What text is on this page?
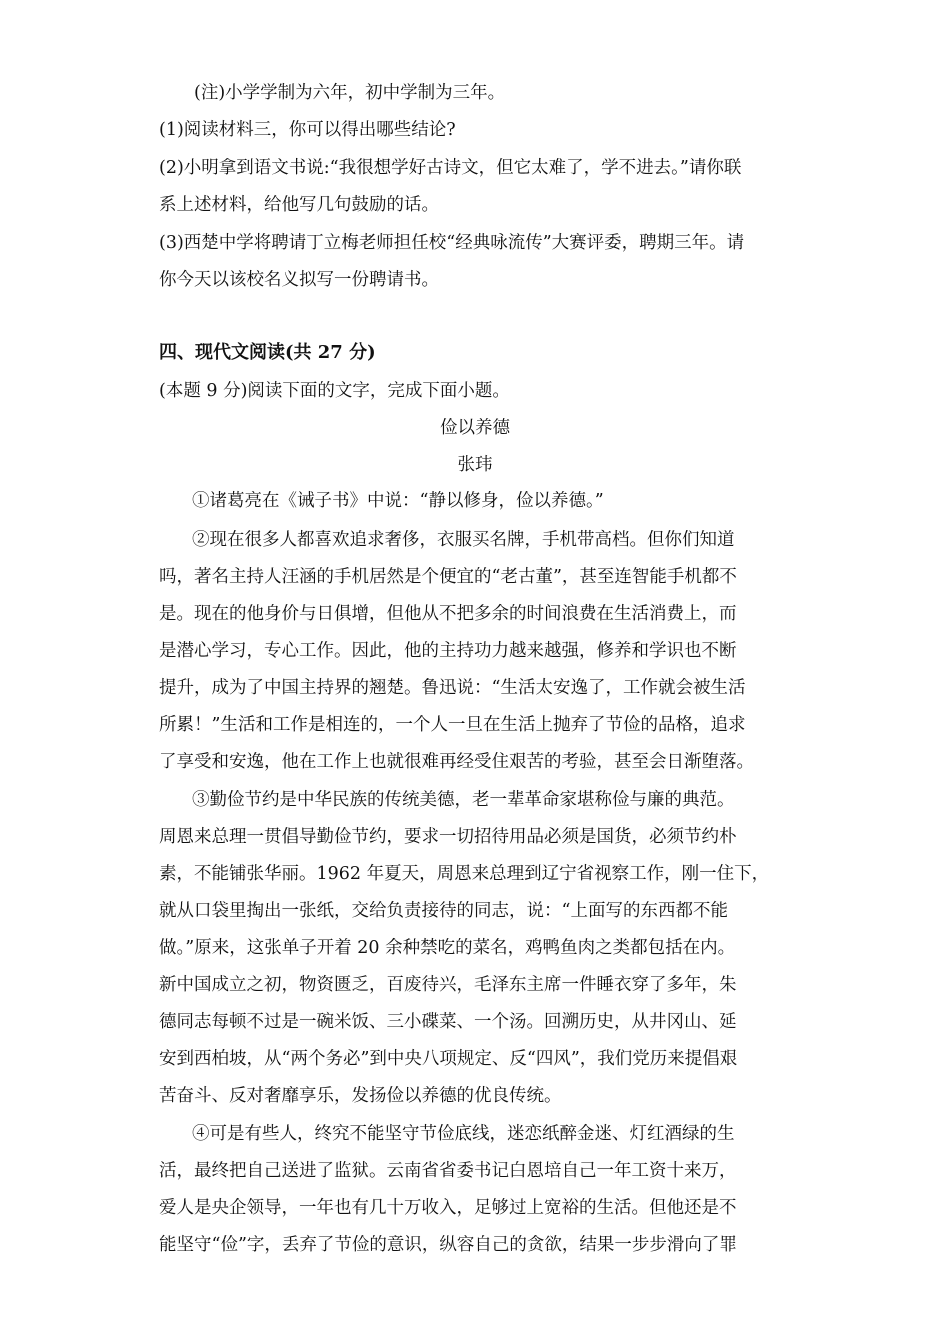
(注)小学学制为六年，初中学制为三年。
(1)阅读材料三，你可以得出哪些结论?
(2)小明拿到语文书说:“我很想学好古诗文，但它太难了，学不进去。”请你联
系上述材料，给他写几句鼓励的话。
(3)西楚中学将聘请丁立梅老师担任校“经典咏流传”大赛评委，聘期三年。请
你今天以该校名义拟写一份聘请书。
四、现代文阅读(共 27 分)
(本题 9 分)阅读下面的文字，完成下面小题。
俭以养德
张玮
①诸葛亮在《诫子书》中说：“静以修身，俭以养德。”
②现在很多人都喜欢追求奢侈，衣服买名牌，手机带高档。但你们知道
吗，著名主持人汪涵的手机居然是个便宜的“老古董”，甚至连智能手机都不
是。现在的他身价与日俱增，但他从不把多余的时间浪费在生活消费上，而
是潜心学习，专心工作。因此，他的主持功力越来越强，修养和学识也不断
提升，成为了中国主持界的翘楚。鲁迅说：“生活太安逸了，工作就会被生活
所累！”生活和工作是相连的，一个人一旦在生活上抛弃了节俭的品格，追求
了享受和安逸，他在工作上也就很难再经受住艰苦的考验，甚至会日渐堕落。
③勤俭节约是中华民族的传统美德，老一辈革命家堪称俭与廉的典范。
周恩来总理一贯倡导勤俭节约，要求一切招待用品必须是国货，必须节约朴
素，不能铺张华丽。1962 年夏天，周恩来总理到辽宁省视察工作，刚一住下，
就从口袋里掏出一张纸，交给负责接待的同志，说：“上面写的东西都不能
做。”原来，这张单子开着 20 余种禁吃的菜名，鸡鸭鱼肉之类都包括在内。
新中国成立之初，物资匮乏，百废待兴，毛泽东主席一件睡衣穿了多年，朱
德同志每顿不过是一碗米饭、三小碟菜、一个汤。回溯历史，从井冈山、延
安到西柏坡，从“两个务必”到中央八项规定、反“四风”，我们党历来提倡艰
苦奋斗、反对奢靡享乐，发扬俭以养德的优良传统。
④可是有些人，终究不能坚守节俭底线，迷恋纸醉金迷、灯红酒绿的生
活，最终把自己送进了监狱。云南省省委书记白恩培自己一年工资十来万，
爱人是央企领导，一年也有几十万收入，足够过上宽裕的生活。但他还是不
能坚守“俭”字，丢弃了节俭的意识，纵容自己的贪欲，结果一步步滑向了罪
